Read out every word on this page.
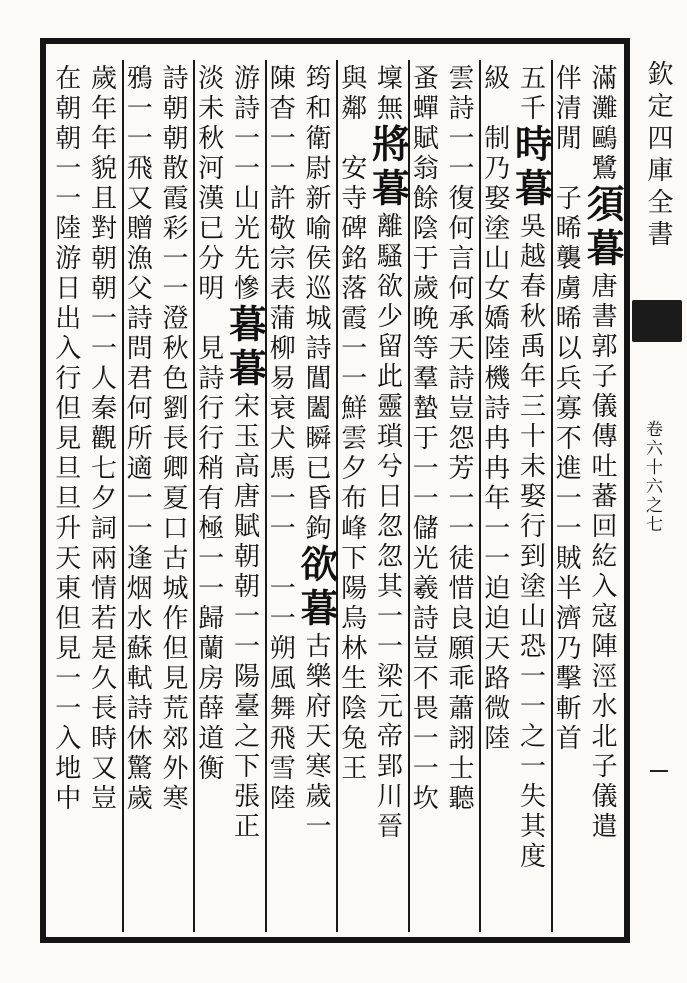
滿灘鷗鷺須暮唐書郭子儀傳吐蕃回紇入寇陣涇水北子儀遣
伴清閒　子晞襲虜晞以兵寡不進一一賊半濟乃擊斬首
五千時暮吳越春秋禹年三十未娶行到塗山恐一一之一失其度
級　制乃娶塗山女嬌陸機詩冉冉年一一迫迫天路微陸
雲詩一一復何言何承天詩豈怨芳一一徒惜良願乖蕭詡士聽
蚤蟬賦翁餘陰于歲晚等羣蟄于一一儲光羲詩豈不畏一一坎
壈無將暮離騷欲少留此靈瑣兮日忽忽其一一梁元帝郢川晉
與鄰　安寺碑銘落霞一一鮮雲夕布峰下陽烏林生陰兔王
筠和衛尉新喻侯巡城詩閶闔瞬已昏鉤欲暮古樂府天寒歲一
陳杳一一許敬宗表蒲柳易衰犬馬一一　一一朔風舞飛雪陸
游詩一一山光先慘暮暮宋玉高唐賦朝朝一一陽臺之下張正
淡未秋河漢已分明　見詩行行稍有極一一歸蘭房薛道衡
詩朝朝散霞彩一一澄秋色劉長卿夏口古城作但見荒郊外寒
鴉一一飛又贈漁父詩問君何所適一一逢烟水蘇軾詩休驚歲
歲年年貌且對朝朝一一人秦觀七夕詞兩情若是久長時又豈
在朝朝一一陸游日出入行但見旦旦升天東但見一一入地中	欽定四庫全書
卷六十六之七
